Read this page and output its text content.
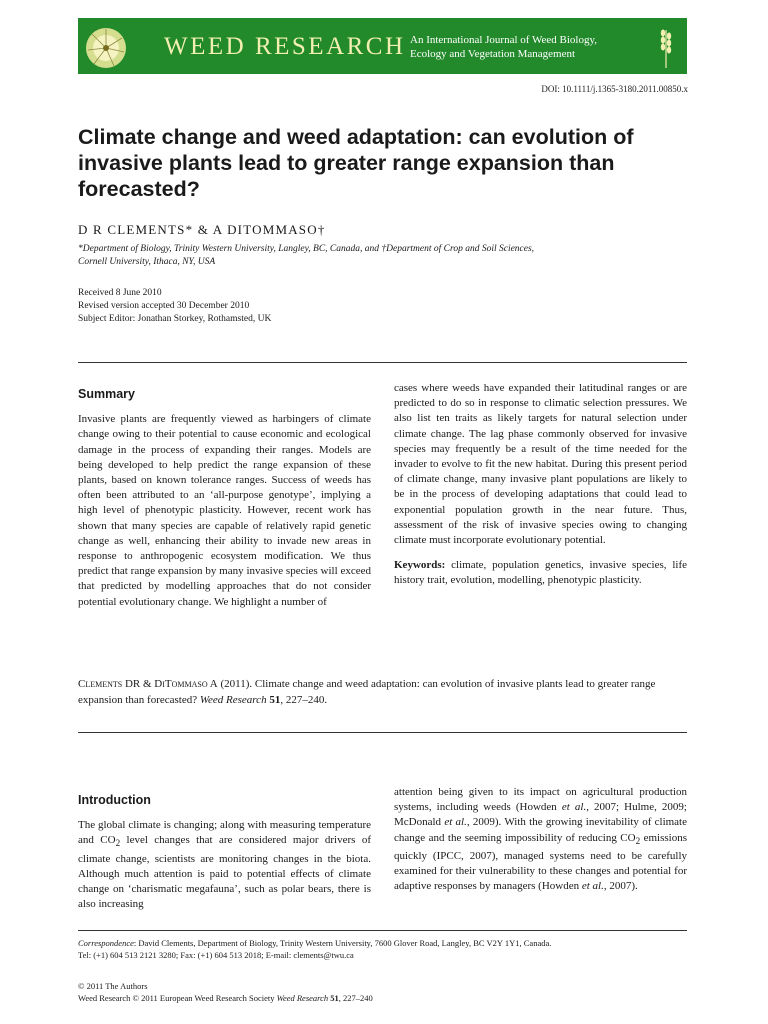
WEED RESEARCH An International Journal of Weed Biology,
Ecology and Vegetation Management
DOI: 10.1111/j.1365-3180.2011.00850.x
Climate change and weed adaptation: can evolution of invasive plants lead to greater range expansion than forecasted?
D R CLEMENTS* & A DITOMMASO†
*Department of Biology, Trinity Western University, Langley, BC, Canada, and †Department of Crop and Soil Sciences,
Cornell University, Ithaca, NY, USA
Received 8 June 2010
Revised version accepted 30 December 2010
Subject Editor: Jonathan Storkey, Rothamsted, UK
Summary

Invasive plants are frequently viewed as harbingers of climate change owing to their potential to cause economic and ecological damage in the process of expanding their ranges. Models are being developed to help predict the range expansion of these plants, based on known tolerance ranges. Success of weeds has often been attributed to an ‘all-purpose genotype’, implying a high level of phenotypic plasticity. However, recent work has shown that many species are capable of relatively rapid genetic change as well, enhancing their ability to invade new areas in response to anthropogenic ecosystem modification. We thus predict that range expansion by many invasive species will exceed that predicted by modelling approaches that do not consider potential evolutionary change. We highlight a number of

cases where weeds have expanded their latitudinal ranges or are predicted to do so in response to climatic selection pressures. We also list ten traits as likely targets for natural selection under climate change. The lag phase commonly observed for invasive species may frequently be a result of the time needed for the invader to evolve to fit the new habitat. During this present period of climate change, many invasive plant populations are likely to be in the process of developing adaptations that could lead to exponential population growth in the near future. Thus, assessment of the risk of invasive species owing to changing climate must incorporate evolutionary potential.

Keywords: climate, population genetics, invasive species, life history trait, evolution, modelling, phenotypic plasticity.

Clements DR & DiTommaso A (2011). Climate change and weed adaptation: can evolution of invasive plants lead to greater range expansion than forecasted? Weed Research 51, 227–240.
Introduction

The global climate is changing; along with measuring temperature and $CO_2$ level changes that are considered major drivers of climate change, scientists are monitoring changes in the biota. Although much attention is paid to potential effects of climate change on ‘charismatic megafauna’, such as polar bears, there is also increasing

attention being given to its impact on agricultural production systems, including weeds (Howden et al., 2007; Hulme, 2009; McDonald et al., 2009). With the growing inevitability of climate change and the seeming impossibility of reducing $CO_2$ emissions quickly (IPCC, 2007), managed systems need to be carefully examined for their vulnerability to these changes and potential for adaptive responses by managers (Howden et al., 2007).

Correspondence: David Clements, Department of Biology, Trinity Western University, 7600 Glover Road, Langley, BC V2Y 1Y1, Canada.
Tel: (+1) 604 513 2121 3280; Fax: (+1) 604 513 2018; E-mail: clements@twu.ca
© 2011 The Authors
Weed Research © 2011 European Weed Research Society Weed Research 51, 227–240
